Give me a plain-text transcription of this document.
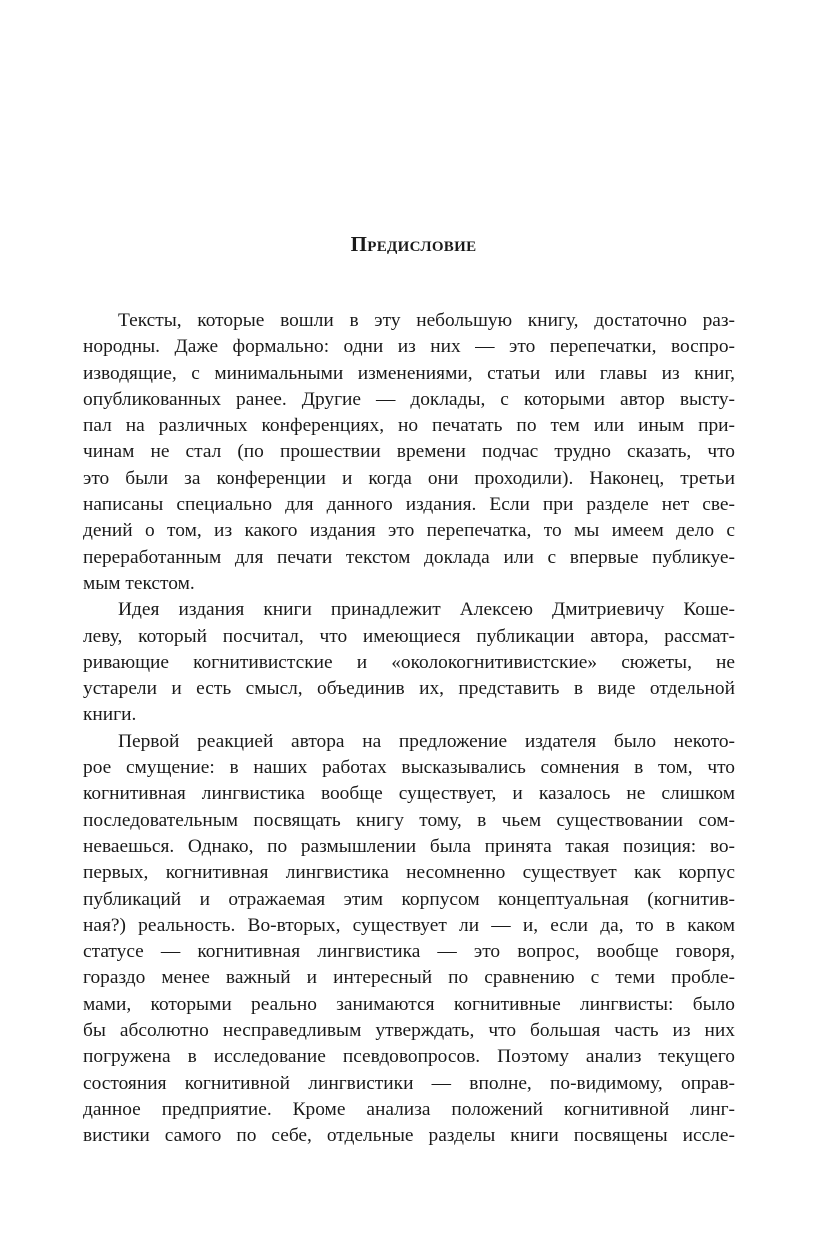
Предисловие
Тексты, которые вошли в эту небольшую книгу, достаточно раз-
нородны. Даже формально: одни из них — это перепечатки, воспро-
изводящие, с минимальными изменениями, статьи или главы из книг,
опубликованных ранее. Другие — доклады, с которыми автор высту-
пал на различных конференциях, но печатать по тем или иным при-
чинам не стал (по прошествии времени подчас трудно сказать, что
это были за конференции и когда они проходили). Наконец, третьи
написаны специально для данного издания. Если при разделе нет све-
дений о том, из какого издания это перепечатка, то мы имеем дело с
переработанным для печати текстом доклада или с впервые публикуе-
мым текстом.
Идея издания книги принадлежит Алексею Дмитриевичу Коше-
леву, который посчитал, что имеющиеся публикации автора, рассмат-
ривающие когнитивистские и «околокогнитивистские» сюжеты, не
устарели и есть смысл, объединив их, представить в виде отдельной
книги.
Первой реакцией автора на предложение издателя было некото-
рое смущение: в наших работах высказывались сомнения в том, что
когнитивная лингвистика вообще существует, и казалось не слишком
последовательным посвящать книгу тому, в чьем существовании сом-
неваешься. Однако, по размышлении была принята такая позиция: во-
первых, когнитивная лингвистика несомненно существует как корпус
публикаций и отражаемая этим корпусом концептуальная (когнитив-
ная?) реальность. Во-вторых, существует ли — и, если да, то в каком
статусе — когнитивная лингвистика — это вопрос, вообще говоря,
гораздо менее важный и интересный по сравнению с теми пробле-
мами, которыми реально занимаются когнитивные лингвисты: было
бы абсолютно несправедливым утверждать, что большая часть из них
погружена в исследование псевдовопросов. Поэтому анализ текущего
состояния когнитивной лингвистики — вполне, по-видимому, оправ-
данное предприятие. Кроме анализа положений когнитивной линг-
вистики самого по себе, отдельные разделы книги посвящены иссле-
